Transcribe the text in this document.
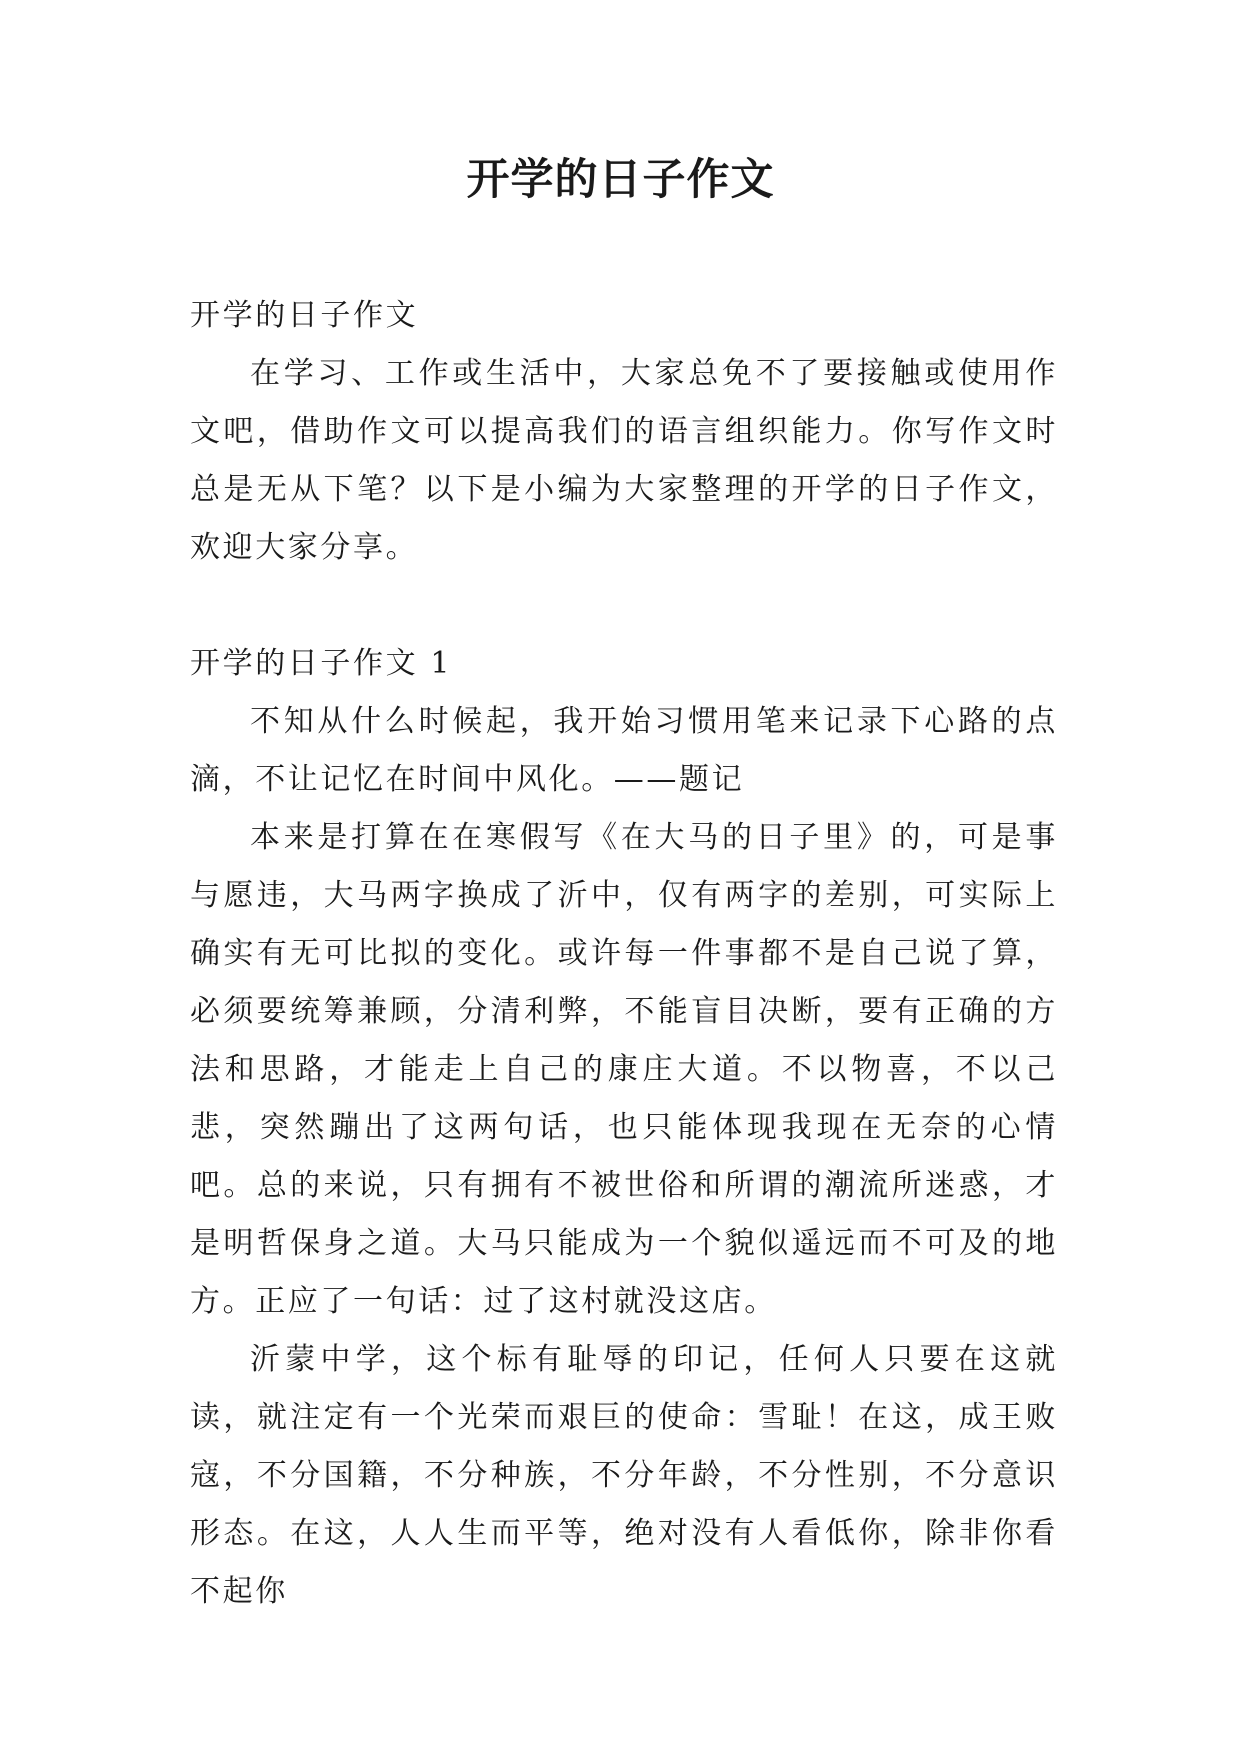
开学的日子作文

开学的日子作文

在学习、工作或生活中，大家总免不了要接触或使用作文吧，借助作文可以提高我们的语言组织能力。你写作文时总是无从下笔？以下是小编为大家整理的开学的日子作文，欢迎大家分享。

开学的日子作文 1

不知从什么时候起，我开始习惯用笔来记录下心路的点滴，不让记忆在时间中风化。——题记

本来是打算在在寒假写《在大马的日子里》的，可是事与愿违，大马两字换成了沂中，仅有两字的差别，可实际上确实有无可比拟的变化。或许每一件事都不是自己说了算，必须要统筹兼顾，分清利弊，不能盲目决断，要有正确的方法和思路，才能走上自己的康庄大道。不以物喜，不以己悲，突然蹦出了这两句话，也只能体现我现在无奈的心情吧。总的来说，只有拥有不被世俗和所谓的潮流所迷惑，才是明哲保身之道。大马只能成为一个貌似遥远而不可及的地方。正应了一句话：过了这村就没这店。

沂蒙中学，这个标有耻辱的印记，任何人只要在这就读，就注定有一个光荣而艰巨的使命：雪耻！在这，成王败寇，不分国籍，不分种族，不分年龄，不分性别，不分意识形态。在这，人人生而平等，绝对没有人看低你，除非你看不起你
